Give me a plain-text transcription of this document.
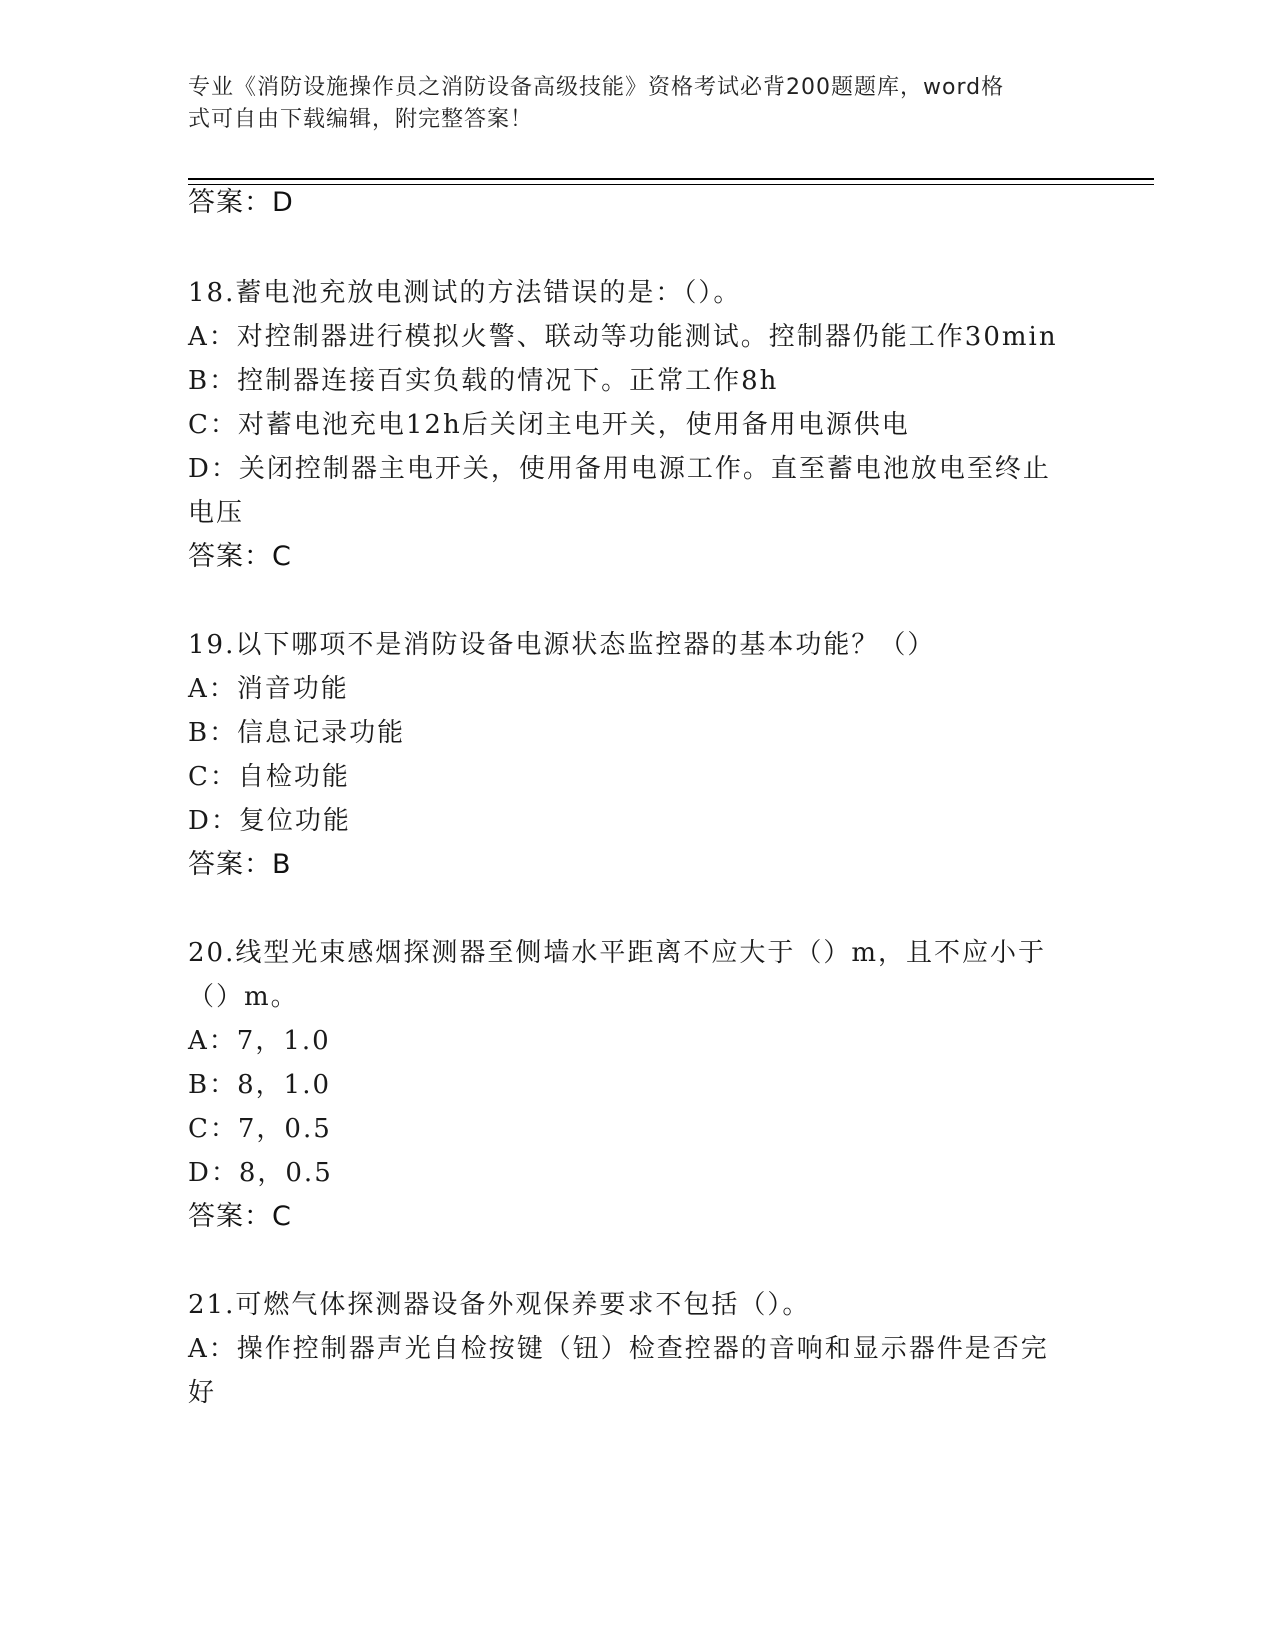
专业《消防设施操作员之消防设备高级技能》资格考试必背200题题库，word格
式可自由下载编辑，附完整答案！
答案：D
18.蓄电池充放电测试的方法错误的是：（）。
A：对控制器进行模拟火警、联动等功能测试。控制器仍能工作30min
B：控制器连接百实负载的情况下。正常工作8h
C：对蓄电池充电12h后关闭主电开关，使用备用电源供电
D：关闭控制器主电开关，使用备用电源工作。直至蓄电池放电至终止
电压
答案：C
19.以下哪项不是消防设备电源状态监控器的基本功能？（）
A：消音功能
B：信息记录功能
C：自检功能
D：复位功能
答案：B
20.线型光束感烟探测器至侧墙水平距离不应大于（）m，且不应小于
（）m。
A：7，1.0
B：8，1.0
C：7，0.5
D：8，0.5
答案：C
21.可燃气体探测器设备外观保养要求不包括（）。
A：操作控制器声光自检按键（钮）检查控器的音响和显示器件是否完
好
